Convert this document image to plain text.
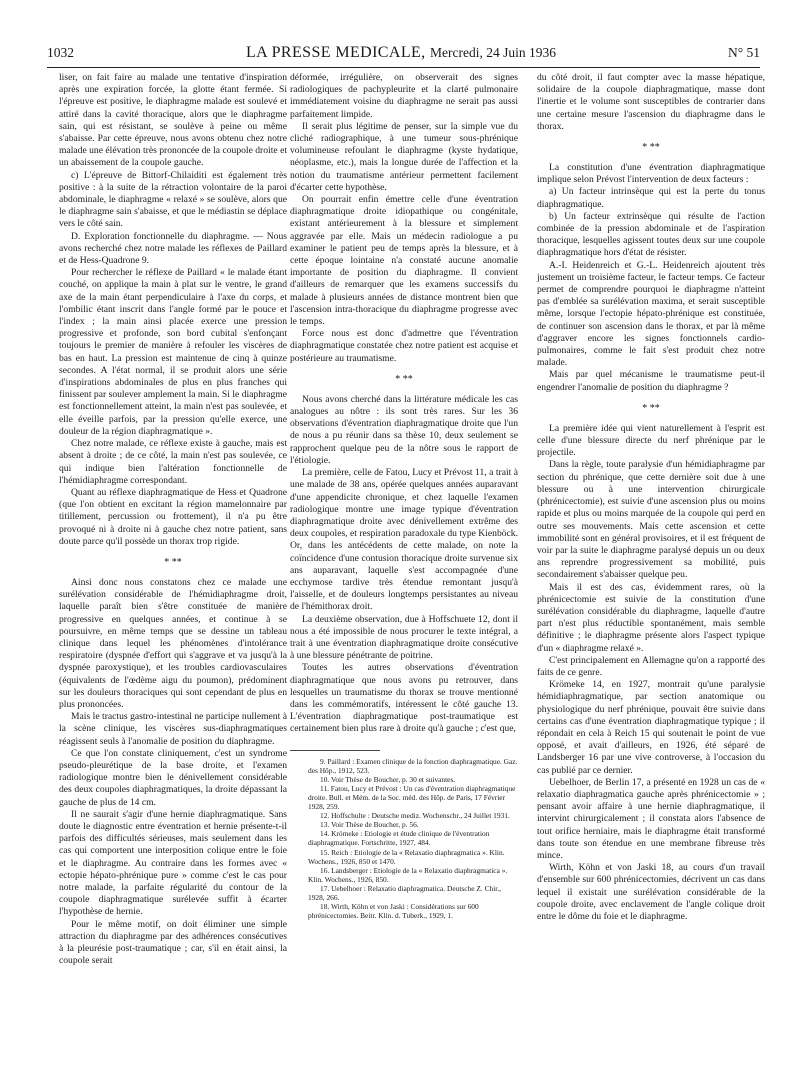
1032	LA PRESSE MEDICALE, Mercredi, 24 Juin 1936	N° 51

liser, on fait faire au malade une tentative d'inspiration après une expiration forcée, la glotte étant fermée. Si l'épreuve est positive, le diaphragme malade est soulevé et attiré dans la cavité thoracique, alors que le diaphragme sain, qui est résistant, se soulève à peine ou même s'abaisse. Par cette épreuve, nous avons obtenu chez notre malade une élévation très prononcée de la coupole droite et un abaissement de la coupole gauche.

c) L'épreuve de Bittorf-Chilaiditi est également très positive : à la suite de la rétraction volontaire de la paroi abdominale, le diaphragme « relaxé » se soulève, alors que le diaphragme sain s'abaisse, et que le médiastin se déplace vers le côté sain.

D. Exploration fonctionnelle du diaphragme. — Nous avons recherché chez notre malade les réflexes de Paillard et de Hess-Quadrone 9.

Pour rechercher le réflexe de Paillard « le malade étant couché, on applique la main à plat sur le ventre, le grand axe de la main étant perpendiculaire à l'axe du corps, et l'ombilic étant inscrit dans l'angle formé par le pouce et l'index ; la main ainsi placée exerce une pression progressive et profonde, son bord cubital s'enfonçant toujours le premier de manière à refouler les viscères de bas en haut. La pression est maintenue de cinq à quinze secondes. A l'état normal, il se produit alors une série d'inspirations abdominales de plus en plus franches qui finissent par soulever amplement la main. Si le diaphragme est fonctionnellement atteint, la main n'est pas soulevée, et elle éveille parfois, par la pression qu'elle exerce, une douleur de la région diaphragmatique ».

Chez notre malade, ce réflexe existe à gauche, mais est absent à droite ; de ce côté, la main n'est pas soulevée, ce qui indique bien l'altération fonctionnelle de l'hémidiaphragme correspondant.

Quant au réflexe diaphragmatique de Hess et Quadrone (que l'on obtient en excitant la région mamelonnaire par titillement, percussion ou frottement), il n'a pu être provoqué ni à droite ni à gauche chez notre patient, sans doute parce qu'il possède un thorax trop rigide.

* **

Ainsi donc nous constatons chez ce malade une surélévation considérable de l'hémidiaphragme droit, laquelle paraît bien s'être constituée de manière progressive en quelques années, et continue à se poursuivre, en même temps que se dessine un tableau clinique dans lequel les phénomènes d'intolérance respiratoire (dyspnée d'effort qui s'aggrave et va jusqu'à la dyspnée paroxystique), et les troubles cardiovasculaires (équivalents de l'œdème aigu du poumon), prédominent sur les douleurs thoraciques qui sont cependant de plus en plus prononcées.

Mais le tractus gastro-intestinal ne participe nullement à la scène clinique, les viscères sus-diaphragmatiques réagissent seuls à l'anomalie de position du diaphragme.

Ce que l'on constate cliniquement, c'est un syndrome pseudo-pleurétique de la base droite, et l'examen radiologique montre bien le dénivellement considérable des deux coupoles diaphragmatiques, la droite dépassant la gauche de plus de 14 cm.

Il ne saurait s'agir d'une hernie diaphragmatique. Sans doute le diagnostic entre éventration et hernie présente-t-il parfois des difficultés sérieuses, mais seulement dans les cas qui comportent une interposition colique entre le foie et le diaphragme. Au contraire dans les formes avec « ectopie hépato-phrénique pure » comme c'est le cas pour notre malade, la parfaite régularité du contour de la coupole diaphragmatique surélevée suffit à écarter l'hypothèse de hernie.

Pour le même motif, on doit éliminer une simple attraction du diaphragme par des adhérences consécutives à la pleurésie post-traumatique ; car, s'il en était ainsi, la coupole serait

déformée, irrégulière, on observerait des signes radiologiques de pachypleurite et la clarté pulmonaire immédiatement voisine du diaphragme ne serait pas aussi parfaitement limpide.

Il serait plus légitime de penser, sur la simple vue du cliché radiographique, à une tumeur sous-phrénique volumineuse refoulant le diaphragme (kyste hydatique, néoplasme, etc.), mais la longue durée de l'affection et la notion du traumatisme antérieur permettent facilement d'écarter cette hypothèse.

On pourrait enfin émettre celle d'une éventration diaphragmatique droite idiopathique ou congénitale, existant antérieurement à la blessure et simplement aggravée par elle. Mais un médecin radiologue a pu examiner le patient peu de temps après la blessure, et à cette époque lointaine n'a constaté aucune anomalie importante de position du diaphragme. Il convient d'ailleurs de remarquer que les examens successifs du malade à plusieurs années de distance montrent bien que l'ascension intra-thoracique du diaphragme progresse avec le temps.

Force nous est donc d'admettre que l'éventration diaphragmatique constatée chez notre patient est acquise et postérieure au traumatisme.

* **

Nous avons cherché dans la littérature médicale les cas analogues au nôtre : ils sont très rares. Sur les 36 observations d'éventration diaphragmatique droite que l'un de nous a pu réunir dans sa thèse 10, deux seulement se rapprochent quelque peu de la nôtre sous le rapport de l'étiologie.

La première, celle de Fatou, Lucy et Prévost 11, a trait à une malade de 38 ans, opérée quelques années auparavant d'une appendicite chronique, et chez laquelle l'examen radiologique montre une image typique d'éventration diaphragmatique droite avec dénivellement extrême des deux coupoles, et respiration paradoxale du type Kienböck. Or, dans les antécédents de cette malade, on note la coïncidence d'une contusion thoracique droite survenue six ans auparavant, laquelle s'est accompagnée d'une ecchymose tardive très étendue remontant jusqu'à l'aisselle, et de douleurs longtemps persistantes au niveau de l'hémithorax droit.

La deuxième observation, due à Hoffschuete 12, dont il nous a été impossible de nous procurer le texte intégral, a trait à une éventration diaphragmatique droite consécutive à une blessure pénétrante de poitrine.

Toutes les autres observations d'éventration diaphragmatique que nous avons pu retrouver, dans lesquelles un traumatisme du thorax se trouve mentionné dans les commémoratifs, intéressent le côté gauche 13. L'éventration diaphragmatique post-traumatique est certainement bien plus rare à droite qu'à gauche ; c'est que,

9. Paillard : Examen clinique de la fonction diaphragmatique. Gaz. des Hôp., 1912, 523.

10. Voir Thèse de Boucher, p. 30 et suivantes.

11. Fatou, Lucy et Prévost : Un cas d'éventration diaphragmatique droite. Bull. et Mém. de la Soc. méd. des Hôp. de Paris, 17 Février 1928, 259.

12. Hoffschulte : Deutsche mediz. Wochenschr., 24 Juillet 1931.

13. Voir Thèse de Boucher, p. 56.

14. Krömeke : Etiologie et étude clinique de l'éventration diaphragmatique. Fortschritte, 1927, 484.

15. Reich : Etiologie de la « Relaxatio diaphragmatica ». Klin. Wochens., 1926, 850 et 1470.

16. Landsberger : Etiologie de la « Relaxatio diaphragmatica ». Klin. Wochens., 1926, 850.

17. Uebelhoer : Relaxatio diaphragmatica. Deutsche Z. Chir., 1928, 266.

18. Wirth, Köhn et von Jaski : Considérations sur 600 phrénicectomies. Beitr. Klin. d. Tuberk., 1929, 1.

du côté droit, il faut compter avec la masse hépatique, solidaire de la coupole diaphragmatique, masse dont l'inertie et le volume sont susceptibles de contrarier dans une certaine mesure l'ascension du diaphragme dans le thorax.

* **

La constitution d'une éventration diaphragmatique implique selon Prévost l'intervention de deux facteurs :

a) Un facteur intrinsèque qui est la perte du tonus diaphragmatique.

b) Un facteur extrinsèque qui résulte de l'action combinée de la pression abdominale et de l'aspiration thoracique, lesquelles agissent toutes deux sur une coupole diaphragmatique hors d'état de résister.

A.-I. Heidenreich et G.-L. Heidenreich ajoutent très justement un troisième facteur, le facteur temps. Ce facteur permet de comprendre pourquoi le diaphragme n'atteint pas d'emblée sa surélévation maxima, et serait susceptible même, lorsque l'ectopie hépato-phrénique est constituée, de continuer son ascension dans le thorax, et par là même d'aggraver encore les signes fonctionnels cardio-pulmonaires, comme le fait s'est produit chez notre malade.

Mais par quel mécanisme le traumatisme peut-il engendrer l'anomalie de position du diaphragme ?

* **

La première idée qui vient naturellement à l'esprit est celle d'une blessure directe du nerf phrénique par le projectile.

Dans la règle, toute paralysie d'un hémidiaphragme par section du phrénique, que cette dernière soit due à une blessure ou à une intervention chirurgicale (phrénicectomie), est suivie d'une ascension plus ou moins rapide et plus ou moins marquée de la coupole qui perd en outre ses mouvements. Mais cette ascension et cette immobilité sont en général provisoires, et il est fréquent de voir par la suite le diaphragme paralysé depuis un ou deux ans reprendre progressivement sa mobilité, puis secondairement s'abaisser quelque peu.

Mais il est des cas, évidemment rares, où la phrénicectomie est suivie de la constitution d'une surélévation considérable du diaphragme, laquelle d'autre part n'est plus réductible spontanément, mais semble définitive ; le diaphragme présente alors l'aspect typique d'un « diaphragme relaxé ».

C'est principalement en Allemagne qu'on a rapporté des faits de ce genre.

Krömeke 14, en 1927, montrait qu'une paralysie hémidiaphragmatique, par section anatomique ou physiologique du nerf phrénique, pouvait être suivie dans certains cas d'une éventration diaphragmatique typique ; il répondait en cela à Reich 15 qui soutenait le point de vue opposé, et avait d'ailleurs, en 1926, été séparé de Landsberger 16 par une vive controverse, à l'occasion du cas publié par ce dernier.

Uebelhoer, de Berlin 17, a présenté en 1928 un cas de « relaxatio diaphragmatica gauche après phrénicectomie » ; pensant avoir affaire à une hernie diaphragmatique, il intervint chirurgicalement ; il constata alors l'absence de tout orifice herniaire, mais le diaphragme était transformé dans toute son étendue en une membrane fibreuse très mince.

Wirth, Köhn et von Jaski 18, au cours d'un travail d'ensemble sur 600 phrénicectomies, décrivent un cas dans lequel il existait une surélévation considérable de la coupole droite, avec enclavement de l'angle colique droit entre le dôme du foie et le diaphragme.
